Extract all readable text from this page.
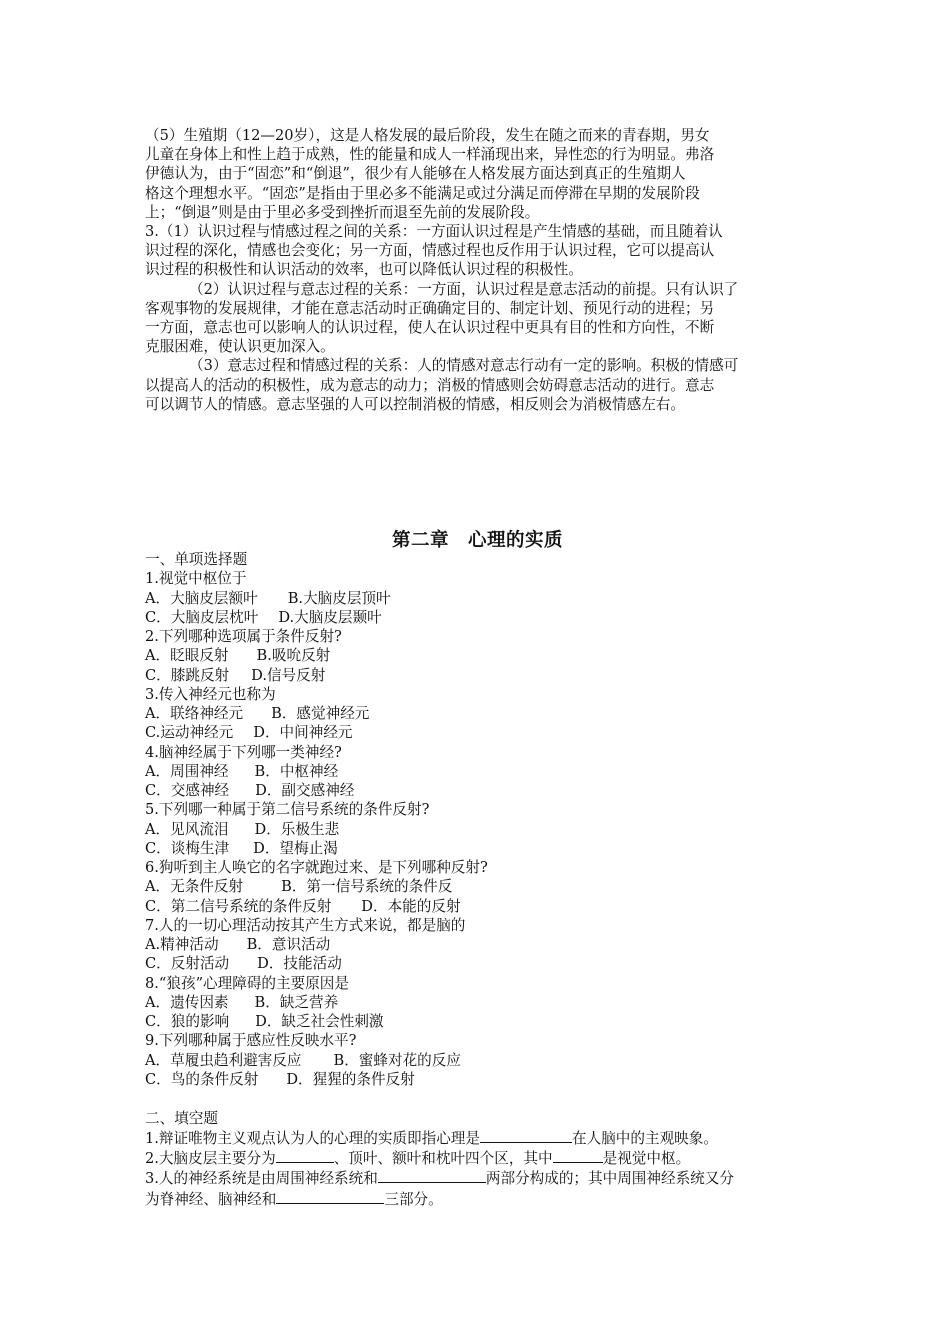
（5）生殖期（12—20岁），这是人格发展的最后阶段，发生在随之而来的青春期，男女
儿童在身体上和性上趋于成熟，性的能量和成人一样涌现出来，异性恋的行为明显。弗洛
伊德认为，由于“固恋”和“倒退”，很少有人能够在人格发展方面达到真正的生殖期人
格这个理想水平。“固恋”是指由于里必多不能满足或过分满足而停滞在早期的发展阶段
上；“倒退”则是由于里必多受到挫折而退至先前的发展阶段。

3.（1）认识过程与情感过程之间的关系：一方面认识过程是产生情感的基础，而且随着认
识过程的深化，情感也会变化；另一方面，情感过程也反作用于认识过程，它可以提高认
识过程的积极性和认识活动的效率，也可以降低认识过程的积极性。

（2）认识过程与意志过程的关系：一方面，认识过程是意志活动的前提。只有认识了
客观事物的发展规律，才能在意志活动时正确确定目的、制定计划、预见行动的进程；另
一方面，意志也可以影响人的认识过程，使人在认识过程中更具有目的性和方向性，不断
克服困难，使认识更加深入。

（3）意志过程和情感过程的关系：人的情感对意志行动有一定的影响。积极的情感可
以提高人的活动的积极性，成为意志的动力；消极的情感则会妨碍意志活动的进行。意志
可以调节人的情感。意志坚强的人可以控制消极的情感，相反则会为消极情感左右。

第二章　心理的实质

一、单项选择题

1.视觉中枢位于

A．大脑皮层额叶 B.大脑皮层顶叶

C．大脑皮层枕叶 D.大脑皮层颞叶

2.下列哪种选项属于条件反射?

A．眨眼反射 B.吸吮反射

C．膝跳反射 D.信号反射

3.传入神经元也称为

A．联络神经元 B．感觉神经元

C.运动神经元 D．中间神经元

4.脑神经属于下列哪一类神经?

A．周围神经 B．中枢神经

C．交感神经 D．副交感神经

5.下列哪一种属于第二信号系统的条件反射?

A．见风流泪 D．乐极生悲

C．谈梅生津 D．望梅止渴

6.狗听到主人唤它的名字就跑过来、是下列哪种反射?

A．无条件反射	B．第一信号系统的条件反

C．第二信号系统的条件反射 D．本能的反射

7.人的一切心理活动按其产生方式来说，都是脑的

A.精神活动 B．意识活动

C．反射活动 D．技能活动

8.“狼孩”心理障碍的主要原因是

A．遗传因素 B．缺乏营养

C．狼的影响 D．缺乏社会性刺激

9.下列哪种属于感应性反映水平?

A．草履虫趋利避害反应 B．蜜蜂对花的反应

C．鸟的条件反射 D．猩猩的条件反射

二、填空题

1.辩证唯物主义观点认为人的心理的实质即指心理是	在人脑中的主观映象。

2.大脑皮层主要分为	、顶叶、额叶和枕叶四个区，其中	是视觉中枢。

3.人的神经系统是由周围神经系统和	两部分构成的；其中周围神经系统又分

为脊神经、脑神经和	三部分。
